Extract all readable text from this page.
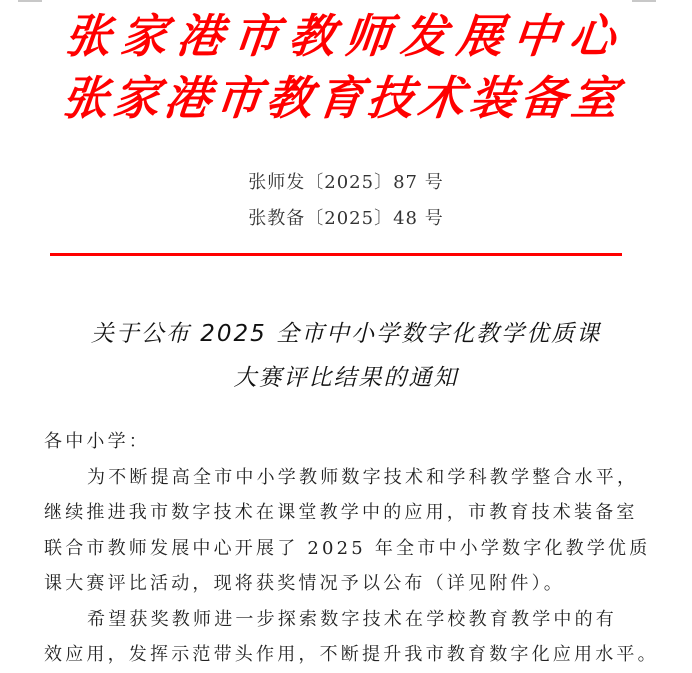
张 家 港 市 教 师 发 展 中 心
张 家 港 市 教 育 技 术 装 备 室
张师发〔2025〕87 号
张教备〔2025〕48 号
关于公布 2025 全市中小学数字化教学优质课
大赛评比结果的通知
各中小学：
为不断提高全市中小学教师数字技术和学科教学整合水平，
继续推进我市数字技术在课堂教学中的应用，市教育技术装备室
联合市教师发展中心开展了 2025 年全市中小学数字化教学优质
课大赛评比活动，现将获奖情况予以公布（详见附件）。
希望获奖教师进一步探索数字技术在学校教育教学中的有
效应用，发挥示范带头作用，不断提升我市教育数字化应用水平。
